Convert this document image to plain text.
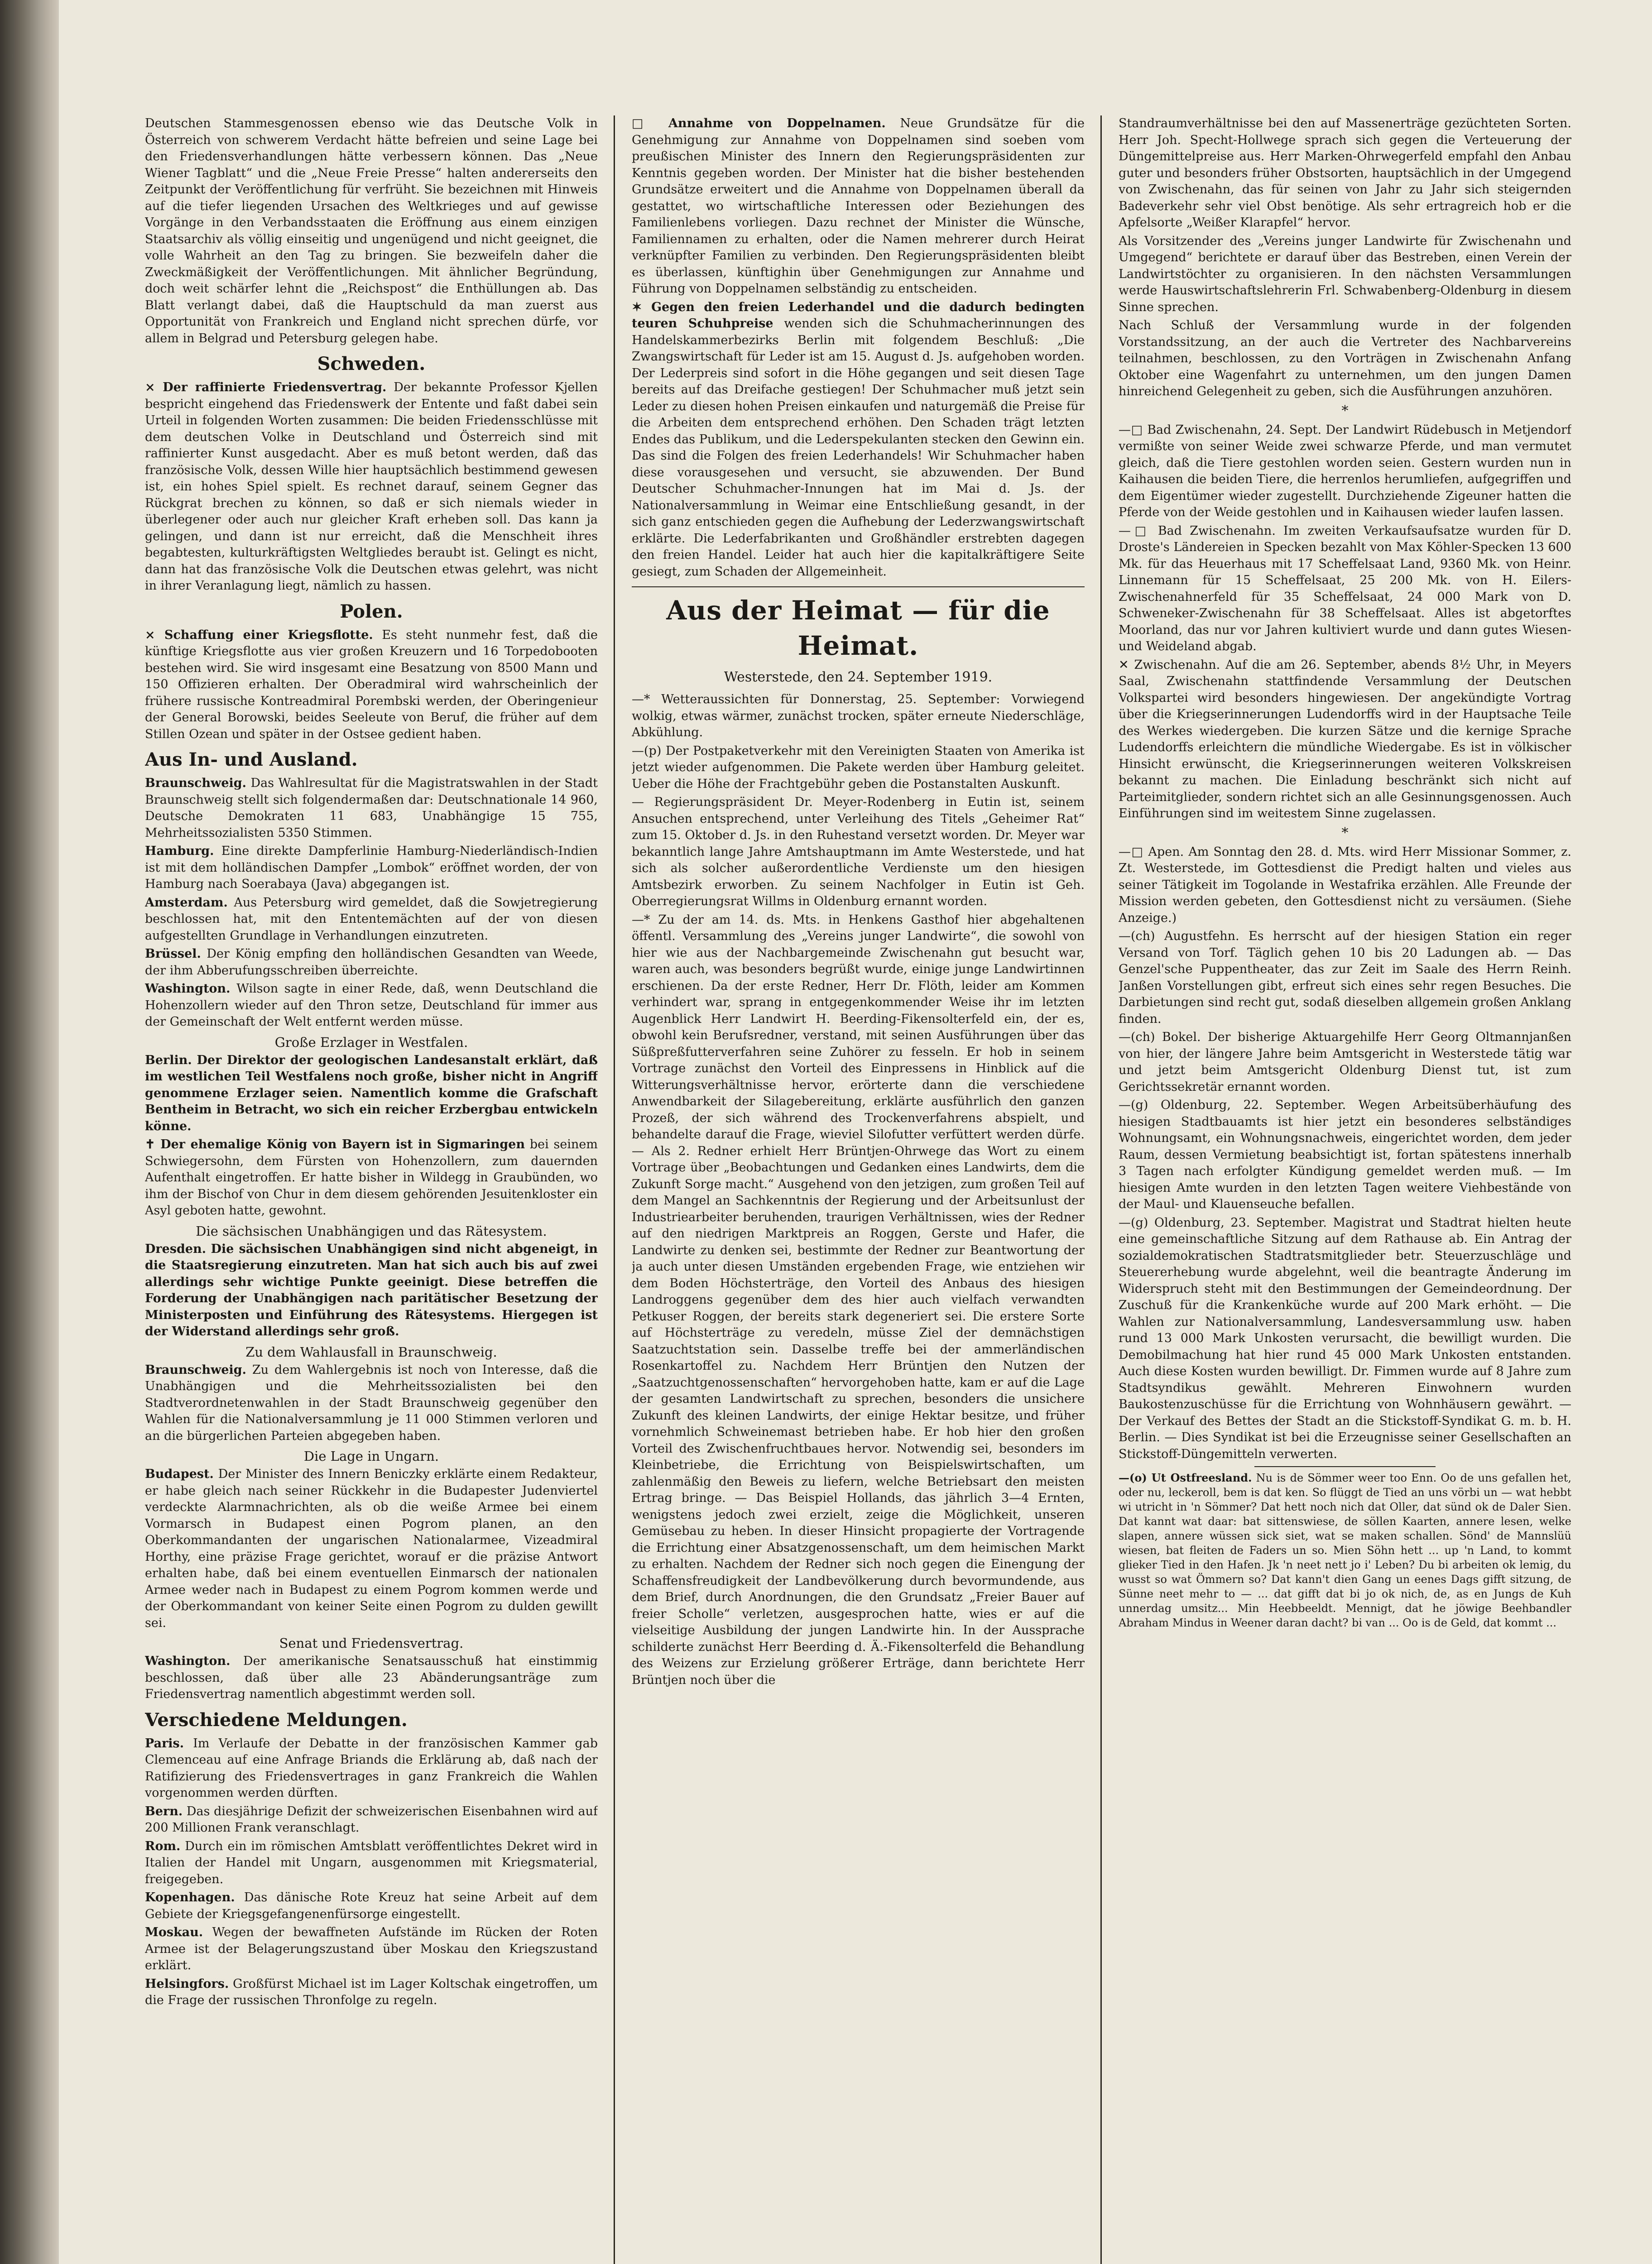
Deutschen Stammesgenossen ebenso wie das Deutsche Volk in Österreich von schwerem Verdacht hätte befreien und seine Lage bei den Friedensverhandlungen hätte verbessern können. Das „Neue Wiener Tagblatt“ und die „Neue Freie Presse“ halten andererseits den Zeitpunkt der Veröffentlichung für verfrüht. Sie bezeichnen mit Hinweis auf die tiefer liegenden Ursachen des Weltkrieges und auf gewisse Vorgänge in den Verbandsstaaten die Eröffnung aus einem einzigen Staatsarchiv als völlig einseitig und ungenügend und nicht geeignet, die volle Wahrheit an den Tag zu bringen. Sie bezweifeln daher die Zweckmäßigkeit der Veröffentlichungen. Mit ähnlicher Begründung, doch weit schärfer lehnt die „Reichspost“ die Enthüllungen ab. Das Blatt verlangt dabei, daß die Hauptschuld da man zuerst aus Opportunität von Frankreich und England nicht sprechen dürfe, vor allem in Belgrad und Petersburg gelegen habe.

Schweden.

× Der raffinierte Friedensvertrag. Der bekannte Professor Kjellen bespricht eingehend das Friedenswerk der Entente und faßt dabei sein Urteil in folgenden Worten zusammen: Die beiden Friedensschlüsse mit dem deutschen Volke in Deutschland und Österreich sind mit raffinierter Kunst ausgedacht. Aber es muß betont werden, daß das französische Volk, dessen Wille hier hauptsächlich bestimmend gewesen ist, ein hohes Spiel spielt. Es rechnet darauf, seinem Gegner das Rückgrat brechen zu können, so daß er sich niemals wieder in überlegener oder auch nur gleicher Kraft erheben soll. Das kann ja gelingen, und dann ist nur erreicht, daß die Menschheit ihres begabtesten, kulturkräftigsten Weltgliedes beraubt ist. Gelingt es nicht, dann hat das französische Volk die Deutschen etwas gelehrt, was nicht in ihrer Veranlagung liegt, nämlich zu hassen.

Polen.

× Schaffung einer Kriegsflotte. Es steht nunmehr fest, daß die künftige Kriegsflotte aus vier großen Kreuzern und 16 Torpedobooten bestehen wird. Sie wird insgesamt eine Besatzung von 8500 Mann und 150 Offizieren erhalten. Der Oberadmiral wird wahrscheinlich der frühere russische Kontreadmiral Porembski werden, der Oberingenieur der General Borowski, beides Seeleute von Beruf, die früher auf dem Stillen Ozean und später in der Ostsee gedient haben.

Aus In- und Ausland.

Braunschweig. Das Wahlresultat für die Magistratswahlen in der Stadt Braunschweig stellt sich folgendermaßen dar: Deutschnationale 14 960, Deutsche Demokraten 11 683, Unabhängige 15 755, Mehrheitssozialisten 5350 Stimmen.

Hamburg. Eine direkte Dampferlinie Hamburg-Niederländisch-Indien ist mit dem holländischen Dampfer „Lombok“ eröffnet worden, der von Hamburg nach Soerabaya (Java) abgegangen ist.

Amsterdam. Aus Petersburg wird gemeldet, daß die Sowjetregierung beschlossen hat, mit den Ententemächten auf der von diesen aufgestellten Grundlage in Verhandlungen einzutreten.

Brüssel. Der König empfing den holländischen Gesandten van Weede, der ihm Abberufungsschreiben überreichte.

Washington. Wilson sagte in einer Rede, daß, wenn Deutschland die Hohenzollern wieder auf den Thron setze, Deutschland für immer aus der Gemeinschaft der Welt entfernt werden müsse.

Große Erzlager in Westfalen.

Berlin. Der Direktor der geologischen Landesanstalt erklärt, daß im westlichen Teil Westfalens noch große, bisher nicht in Angriff genommene Erzlager seien. Namentlich komme die Grafschaft Bentheim in Betracht, wo sich ein reicher Erzbergbau entwickeln könne.

✝ Der ehemalige König von Bayern ist in Sigmaringen bei seinem Schwiegersohn, dem Fürsten von Hohenzollern, zum dauernden Aufenthalt eingetroffen. Er hatte bisher in Wildegg in Graubünden, wo ihm der Bischof von Chur in dem diesem gehörenden Jesuitenkloster ein Asyl geboten hatte, gewohnt.

Die sächsischen Unabhängigen und das Rätesystem.

Dresden. Die sächsischen Unabhängigen sind nicht abgeneigt, in die Staatsregierung einzutreten. Man hat sich auch bis auf zwei allerdings sehr wichtige Punkte geeinigt. Diese betreffen die Forderung der Unabhängigen nach paritätischer Besetzung der Ministerposten und Einführung des Rätesystems. Hiergegen ist der Widerstand allerdings sehr groß.

Zu dem Wahlausfall in Braunschweig.

Braunschweig. Zu dem Wahlergebnis ist noch von Interesse, daß die Unabhängigen und die Mehrheitssozialisten bei den Stadtverordnetenwahlen in der Stadt Braunschweig gegenüber den Wahlen für die Nationalversammlung je 11 000 Stimmen verloren und an die bürgerlichen Parteien abgegeben haben.

Die Lage in Ungarn.

Budapest. Der Minister des Innern Beniczky erklärte einem Redakteur, er habe gleich nach seiner Rückkehr in die Budapester Judenviertel verdeckte Alarmnachrichten, als ob die weiße Armee bei einem Vormarsch in Budapest einen Pogrom planen, an den Oberkommandanten der ungarischen Nationalarmee, Vizeadmiral Horthy, eine präzise Frage gerichtet, worauf er die präzise Antwort erhalten habe, daß bei einem eventuellen Einmarsch der nationalen Armee weder nach in Budapest zu einem Pogrom kommen werde und der Oberkommandant von keiner Seite einen Pogrom zu dulden gewillt sei.

Senat und Friedensvertrag.

Washington. Der amerikanische Senatsausschuß hat einstimmig beschlossen, daß über alle 23 Abänderungsanträge zum Friedensvertrag namentlich abgestimmt werden soll.

Verschiedene Meldungen.

Paris. Im Verlaufe der Debatte in der französischen Kammer gab Clemenceau auf eine Anfrage Briands die Erklärung ab, daß nach der Ratifizierung des Friedensvertrages in ganz Frankreich die Wahlen vorgenommen werden dürften.

Bern. Das diesjährige Defizit der schweizerischen Eisenbahnen wird auf 200 Millionen Frank veranschlagt.

Rom. Durch ein im römischen Amtsblatt veröffentlichtes Dekret wird in Italien der Handel mit Ungarn, ausgenommen mit Kriegsmaterial, freigegeben.

Kopenhagen. Das dänische Rote Kreuz hat seine Arbeit auf dem Gebiete der Kriegsgefangenenfürsorge eingestellt.

Moskau. Wegen der bewaffneten Aufstände im Rücken der Roten Armee ist der Belagerungszustand über Moskau den Kriegszustand erklärt.

Helsingfors. Großfürst Michael ist im Lager Koltschak eingetroffen, um die Frage der russischen Thronfolge zu regeln.

□ Annahme von Doppelnamen. Neue Grundsätze für die Genehmigung zur Annahme von Doppelnamen sind soeben vom preußischen Minister des Innern den Regierungspräsidenten zur Kenntnis gegeben worden. Der Minister hat die bisher bestehenden Grundsätze erweitert und die Annahme von Doppelnamen überall da gestattet, wo wirtschaftliche Interessen oder Beziehungen des Familienlebens vorliegen. Dazu rechnet der Minister die Wünsche, Familiennamen zu erhalten, oder die Namen mehrerer durch Heirat verknüpfter Familien zu verbinden. Den Regierungspräsidenten bleibt es überlassen, künftighin über Genehmigungen zur Annahme und Führung von Doppelnamen selbständig zu entscheiden.

✶ Gegen den freien Lederhandel und die dadurch bedingten teuren Schuhpreise wenden sich die Schuhmacherinnungen des Handelskammerbezirks Berlin mit folgendem Beschluß: „Die Zwangswirtschaft für Leder ist am 15. August d. Js. aufgehoben worden. Der Lederpreis sind sofort in die Höhe gegangen und seit diesen Tage bereits auf das Dreifache gestiegen! Der Schuhmacher muß jetzt sein Leder zu diesen hohen Preisen einkaufen und naturgemäß die Preise für die Arbeiten dem entsprechend erhöhen. Den Schaden trägt letzten Endes das Publikum, und die Lederspekulanten stecken den Gewinn ein. Das sind die Folgen des freien Lederhandels! Wir Schuhmacher haben diese vorausgesehen und versucht, sie abzuwenden. Der Bund Deutscher Schuhmacher-Innungen hat im Mai d. Js. der Nationalversammlung in Weimar eine Entschließung gesandt, in der sich ganz entschieden gegen die Aufhebung der Lederzwangswirtschaft erklärte. Die Lederfabrikanten und Großhändler erstrebten dagegen den freien Handel. Leider hat auch hier die kapitalkräftigere Seite gesiegt, zum Schaden der Allgemeinheit.

Aus der Heimat — für die Heimat.
Westerstede, den 24. September 1919.

—* Wetteraussichten für Donnerstag, 25. September: Vorwiegend wolkig, etwas wärmer, zunächst trocken, später erneute Niederschläge, Abkühlung.

—(p) Der Postpaketverkehr mit den Vereinigten Staaten von Amerika ist jetzt wieder aufgenommen. Die Pakete werden über Hamburg geleitet. Ueber die Höhe der Frachtgebühr geben die Postanstalten Auskunft.

— Regierungspräsident Dr. Meyer-Rodenberg in Eutin ist, seinem Ansuchen entsprechend, unter Verleihung des Titels „Geheimer Rat“ zum 15. Oktober d. Js. in den Ruhestand versetzt worden. Dr. Meyer war bekanntlich lange Jahre Amtshauptmann im Amte Westerstede, und hat sich als solcher außerordentliche Verdienste um den hiesigen Amtsbezirk erworben. Zu seinem Nachfolger in Eutin ist Geh. Oberregierungsrat Willms in Oldenburg ernannt worden.

—* Zu der am 14. ds. Mts. in Henkens Gasthof hier abgehaltenen öffentl. Versammlung des „Vereins junger Landwirte“, die sowohl von hier wie aus der Nachbargemeinde Zwischenahn gut besucht war, waren auch, was besonders begrüßt wurde, einige junge Landwirtinnen erschienen. Da der erste Redner, Herr Dr. Flöth, leider am Kommen verhindert war, sprang in entgegenkommender Weise ihr im letzten Augenblick Herr Landwirt H. Beerding-Fikensolterfeld ein, der es, obwohl kein Berufsredner, verstand, mit seinen Ausführungen über das Süßpreßfutterverfahren seine Zuhörer zu fesseln. Er hob in seinem Vortrage zunächst den Vorteil des Einpressens in Hinblick auf die Witterungsverhältnisse hervor, erörterte dann die verschiedene Anwendbarkeit der Silagebereitung, erklärte ausführlich den ganzen Prozeß, der sich während des Trockenverfahrens abspielt, und behandelte darauf die Frage, wieviel Silofutter verfüttert werden dürfe. — Als 2. Redner erhielt Herr Brüntjen-Ohrwege das Wort zu einem Vortrage über „Beobachtungen und Gedanken eines Landwirts, dem die Zukunft Sorge macht.“ Ausgehend von den jetzigen, zum großen Teil auf dem Mangel an Sachkenntnis der Regierung und der Arbeitsunlust der Industriearbeiter beruhenden, traurigen Verhältnissen, wies der Redner auf den niedrigen Marktpreis an Roggen, Gerste und Hafer, die Landwirte zu denken sei, bestimmte der Redner zur Beantwortung der ja auch unter diesen Umständen ergebenden Frage, wie entziehen wir dem Boden Höchsterträge, den Vorteil des Anbaus des hiesigen Landroggens gegenüber dem des hier auch vielfach verwandten Petkuser Roggen, der bereits stark degeneriert sei. Die erstere Sorte auf Höchsterträge zu veredeln, müsse Ziel der demnächstigen Saatzuchtstation sein. Dasselbe treffe bei der ammerländischen Rosenkartoffel zu. Nachdem Herr Brüntjen den Nutzen der „Saatzuchtgenossenschaften“ hervorgehoben hatte, kam er auf die Lage der gesamten Landwirtschaft zu sprechen, besonders die unsichere Zukunft des kleinen Landwirts, der einige Hektar besitze, und früher vornehmlich Schweinemast betrieben habe. Er hob hier den großen Vorteil des Zwischenfruchtbaues hervor. Notwendig sei, besonders im Kleinbetriebe, die Errichtung von Beispielswirtschaften, um zahlenmäßig den Beweis zu liefern, welche Betriebsart den meisten Ertrag bringe. — Das Beispiel Hollands, das jährlich 3—4 Ernten, wenigstens jedoch zwei erzielt, zeige die Möglichkeit, unseren Gemüsebau zu heben. In dieser Hinsicht propagierte der Vortragende die Errichtung einer Absatzgenossenschaft, um dem heimischen Markt zu erhalten. Nachdem der Redner sich noch gegen die Einengung der Schaffensfreudigkeit der Landbevölkerung durch bevormundende, aus dem Brief, durch Anordnungen, die den Grundsatz „Freier Bauer auf freier Scholle“ verletzen, ausgesprochen hatte, wies er auf die vielseitige Ausbildung der jungen Landwirte hin. In der Aussprache schilderte zunächst Herr Beerding d. Ä.-Fikensolterfeld die Behandlung des Weizens zur Erzielung größerer Erträge, dann berichtete Herr Brüntjen noch über die

Standraumverhältnisse bei den auf Massenerträge gezüchteten Sorten. Herr Joh. Specht-Hollwege sprach sich gegen die Verteuerung der Düngemittelpreise aus. Herr Marken-Ohrwegerfeld empfahl den Anbau guter und besonders früher Obstsorten, hauptsächlich in der Umgegend von Zwischenahn, das für seinen von Jahr zu Jahr sich steigernden Badeverkehr sehr viel Obst benötige. Als sehr ertragreich hob er die Apfelsorte „Weißer Klarapfel“ hervor.

Als Vorsitzender des „Vereins junger Landwirte für Zwischenahn und Umgegend“ berichtete er darauf über das Bestreben, einen Verein der Landwirtstöchter zu organisieren. In den nächsten Versammlungen werde Hauswirtschaftslehrerin Frl. Schwabenberg-Oldenburg in diesem Sinne sprechen.

Nach Schluß der Versammlung wurde in der folgenden Vorstandssitzung, an der auch die Vertreter des Nachbarvereins teilnahmen, beschlossen, zu den Vorträgen in Zwischenahn Anfang Oktober eine Wagenfahrt zu unternehmen, um den jungen Damen hinreichend Gelegenheit zu geben, sich die Ausführungen anzuhören.

*

—□ Bad Zwischenahn, 24. Sept. Der Landwirt Rüdebusch in Metjendorf vermißte von seiner Weide zwei schwarze Pferde, und man vermutet gleich, daß die Tiere gestohlen worden seien. Gestern wurden nun in Kaihausen die beiden Tiere, die herrenlos herumliefen, aufgegriffen und dem Eigentümer wieder zugestellt. Durchziehende Zigeuner hatten die Pferde von der Weide gestohlen und in Kaihausen wieder laufen lassen.

—□ Bad Zwischenahn. Im zweiten Verkaufsaufsatze wurden für D. Droste's Ländereien in Specken bezahlt von Max Köhler-Specken 13 600 Mk. für das Heuerhaus mit 17 Scheffelsaat Land, 9360 Mk. von Heinr. Linnemann für 15 Scheffelsaat, 25 200 Mk. von H. Eilers-Zwischenahnerfeld für 35 Scheffelsaat, 24 000 Mark von D. Schweneker-Zwischenahn für 38 Scheffelsaat. Alles ist abgetorftes Moorland, das nur vor Jahren kultiviert wurde und dann gutes Wiesen- und Weideland abgab.

✕ Zwischenahn. Auf die am 26. September, abends 8½ Uhr, in Meyers Saal, Zwischenahn stattfindende Versammlung der Deutschen Volkspartei wird besonders hingewiesen. Der angekündigte Vortrag über die Kriegserinnerungen Ludendorffs wird in der Hauptsache Teile des Werkes wiedergeben. Die kurzen Sätze und die kernige Sprache Ludendorffs erleichtern die mündliche Wiedergabe. Es ist in völkischer Hinsicht erwünscht, die Kriegserinnerungen weiteren Volkskreisen bekannt zu machen. Die Einladung beschränkt sich nicht auf Parteimitglieder, sondern richtet sich an alle Gesinnungsgenossen. Auch Einführungen sind im weitestem Sinne zugelassen.

*

—□ Apen. Am Sonntag den 28. d. Mts. wird Herr Missionar Sommer, z. Zt. Westerstede, im Gottesdienst die Predigt halten und vieles aus seiner Tätigkeit im Togolande in Westafrika erzählen. Alle Freunde der Mission werden gebeten, den Gottesdienst nicht zu versäumen. (Siehe Anzeige.)

—(ch) Augustfehn. Es herrscht auf der hiesigen Station ein reger Versand von Torf. Täglich gehen 10 bis 20 Ladungen ab. — Das Genzel'sche Puppentheater, das zur Zeit im Saale des Herrn Reinh. Janßen Vorstellungen gibt, erfreut sich eines sehr regen Besuches. Die Darbietungen sind recht gut, sodaß dieselben allgemein großen Anklang finden.

—(ch) Bokel. Der bisherige Aktuargehilfe Herr Georg Oltmannjanßen von hier, der längere Jahre beim Amtsgericht in Westerstede tätig war und jetzt beim Amtsgericht Oldenburg Dienst tut, ist zum Gerichtssekretär ernannt worden.

—(g) Oldenburg, 22. September. Wegen Arbeitsüberhäufung des hiesigen Stadtbauamts ist hier jetzt ein besonderes selbständiges Wohnungsamt, ein Wohnungsnachweis, eingerichtet worden, dem jeder Raum, dessen Vermietung beabsichtigt ist, fortan spätestens innerhalb 3 Tagen nach erfolgter Kündigung gemeldet werden muß. — Im hiesigen Amte wurden in den letzten Tagen weitere Viehbestände von der Maul- und Klauenseuche befallen.

—(g) Oldenburg, 23. September. Magistrat und Stadtrat hielten heute eine gemeinschaftliche Sitzung auf dem Rathause ab. Ein Antrag der sozialdemokratischen Stadtratsmitglieder betr. Steuerzuschläge und Steuererhebung wurde abgelehnt, weil die beantragte Änderung im Widerspruch steht mit den Bestimmungen der Gemeindeordnung. Der Zuschuß für die Krankenküche wurde auf 200 Mark erhöht. — Die Wahlen zur Nationalversammlung, Landesversammlung usw. haben rund 13 000 Mark Unkosten verursacht, die bewilligt wurden. Die Demobilmachung hat hier rund 45 000 Mark Unkosten entstanden. Auch diese Kosten wurden bewilligt. Dr. Fimmen wurde auf 8 Jahre zum Stadtsyndikus gewählt. Mehreren Einwohnern wurden Baukostenzuschüsse für die Errichtung von Wohnhäusern gewährt. — Der Verkauf des Bettes der Stadt an die Stickstoff-Syndikat G. m. b. H. Berlin. — Dies Syndikat ist bei die Erzeugnisse seiner Gesellschaften an Stickstoff-Düngemitteln verwerten.

—(o) Ut Ostfreesland. Nu is de Sömmer weer too Enn. Oo de uns gefallen het, oder nu, leckeroll, bem is dat ken. So flüggt de Tied an uns vörbi un — wat hebbt wi utricht in 'n Sömmer? Dat hett noch nich dat Oller, dat sünd ok de Daler Sien. Dat kannt wat daar: bat sittenswiese, de söllen Kaarten, annere lesen, welke slapen, annere wüssen sick siet, wat se maken schallen. Sönd' de Mannslüü wiesen, bat fleiten de Faders un so. Mien Söhn hett ... up 'n Land, to kommt glieker Tied in den Hafen. Jk 'n neet nett jo i' Leben? Du bi arbeiten ok lemig, du wusst so wat Ömmern so? Dat kann't dien Gang un eenes Dags gifft sitzung, de Sünne neet mehr to — ... dat gifft dat bi jo ok nich, de, as en Jungs de Kuh unnerdag umsitz... Min Heebbeeldt. Mennigt, dat he jöwige Beehbandler Abraham Mindus in Weener daran dacht? bi van ... Oo is de Geld, dat kommt ...
